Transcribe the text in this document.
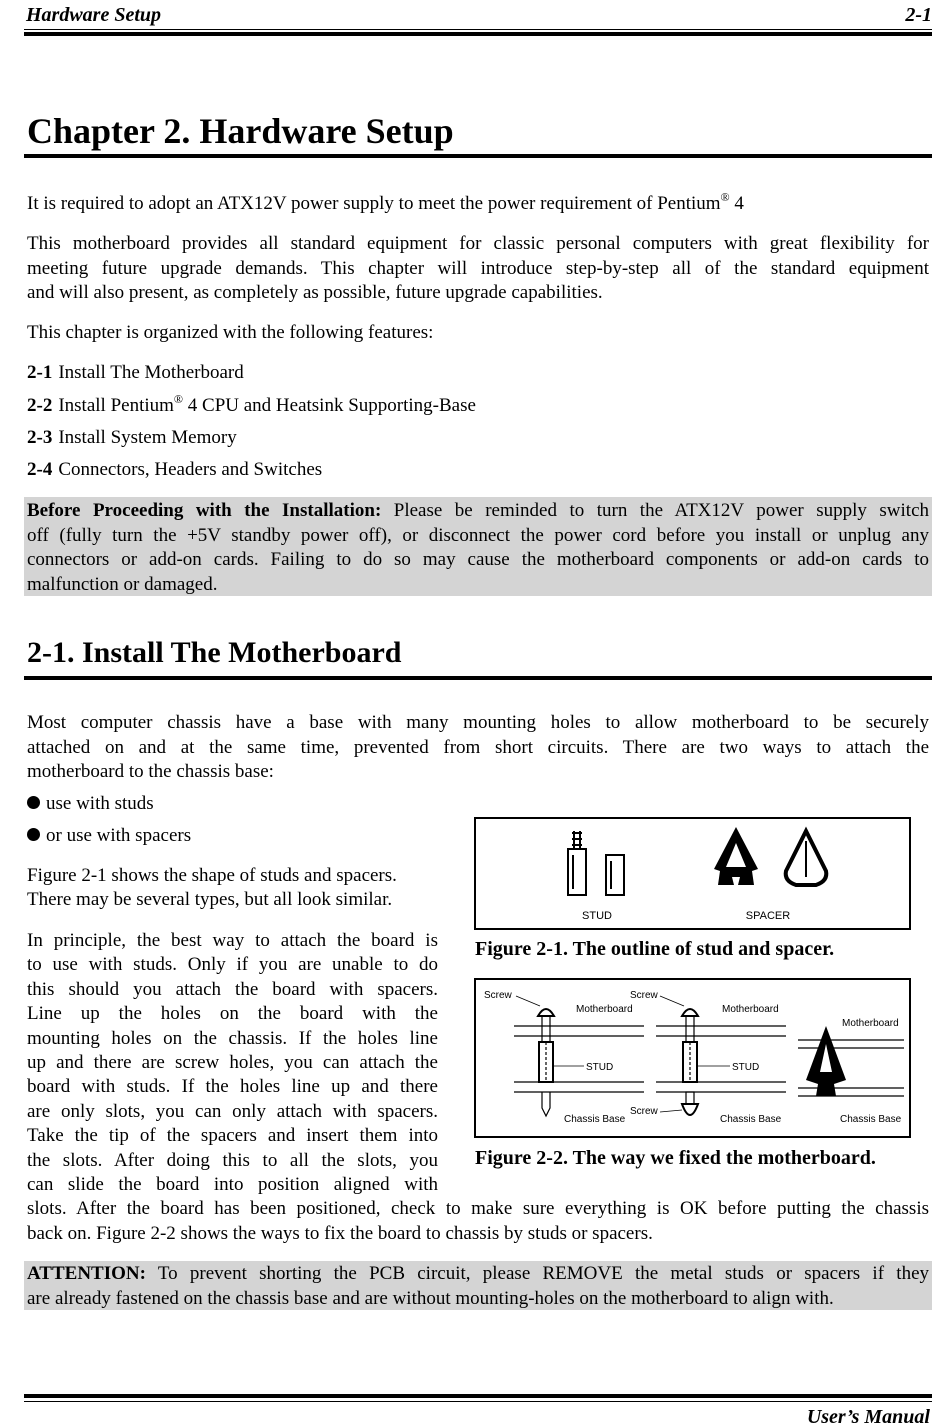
Hardware Setup	2-1
Chapter 2. Hardware Setup
It is required to adopt an ATX12V power supply to meet the power requirement of Pentium® 4
This motherboard provides all standard equipment for classic personal computers with great flexibility for
meeting future upgrade demands. This chapter will introduce step-by-step all of the standard equipment
and will also present, as completely as possible, future upgrade capabilities.
This chapter is organized with the following features:
2-1 Install The Motherboard
2-2 Install Pentium® 4 CPU and Heatsink Supporting-Base
2-3 Install System Memory
2-4 Connectors, Headers and Switches
Before Proceeding with the Installation: Please be reminded to turn the ATX12V power supply switch
off (fully turn the +5V standby power off), or disconnect the power cord before you install or unplug any
connectors or add-on cards. Failing to do so may cause the motherboard components or add-on cards to
malfunction or damaged.
2-1. Install The Motherboard
Most computer chassis have a base with many mounting holes to allow motherboard to be securely
attached on and at the same time, prevented from short circuits. There are two ways to attach the
motherboard to the chassis base:
use with studs
or use with spacers
Figure 2-1 shows the shape of studs and spacers.
There may be several types, but all look similar.
In principle, the best way to attach the board is
to use with studs. Only if you are unable to do
this should you attach the board with spacers.
Line up the holes on the board with the
mounting holes on the chassis. If the holes line
up and there are screw holes, you can attach the
board with studs. If the holes line up and there
are only slots, you can only attach with spacers.
Take the tip of the spacers and insert them into
the slots. After doing this to all the slots, you
can slide the board into position aligned with
slots. After the board has been positioned, check to make sure everything is OK before putting the chassis
back on. Figure 2-2 shows the ways to fix the board to chassis by studs or spacers.
STUD	SPACER
Figure 2-1. The outline of stud and spacer.
Screw
Motherboard
STUD
Chassis Base
Screw
Motherboard
STUD
Screw
Chassis Base
Motherboard
Chassis Base
Figure 2-2. The way we fixed the motherboard.
ATTENTION: To prevent shorting the PCB circuit, please REMOVE the metal studs or spacers if they
are already fastened on the chassis base and are without mounting-holes on the motherboard to align with.
User’s Manual
